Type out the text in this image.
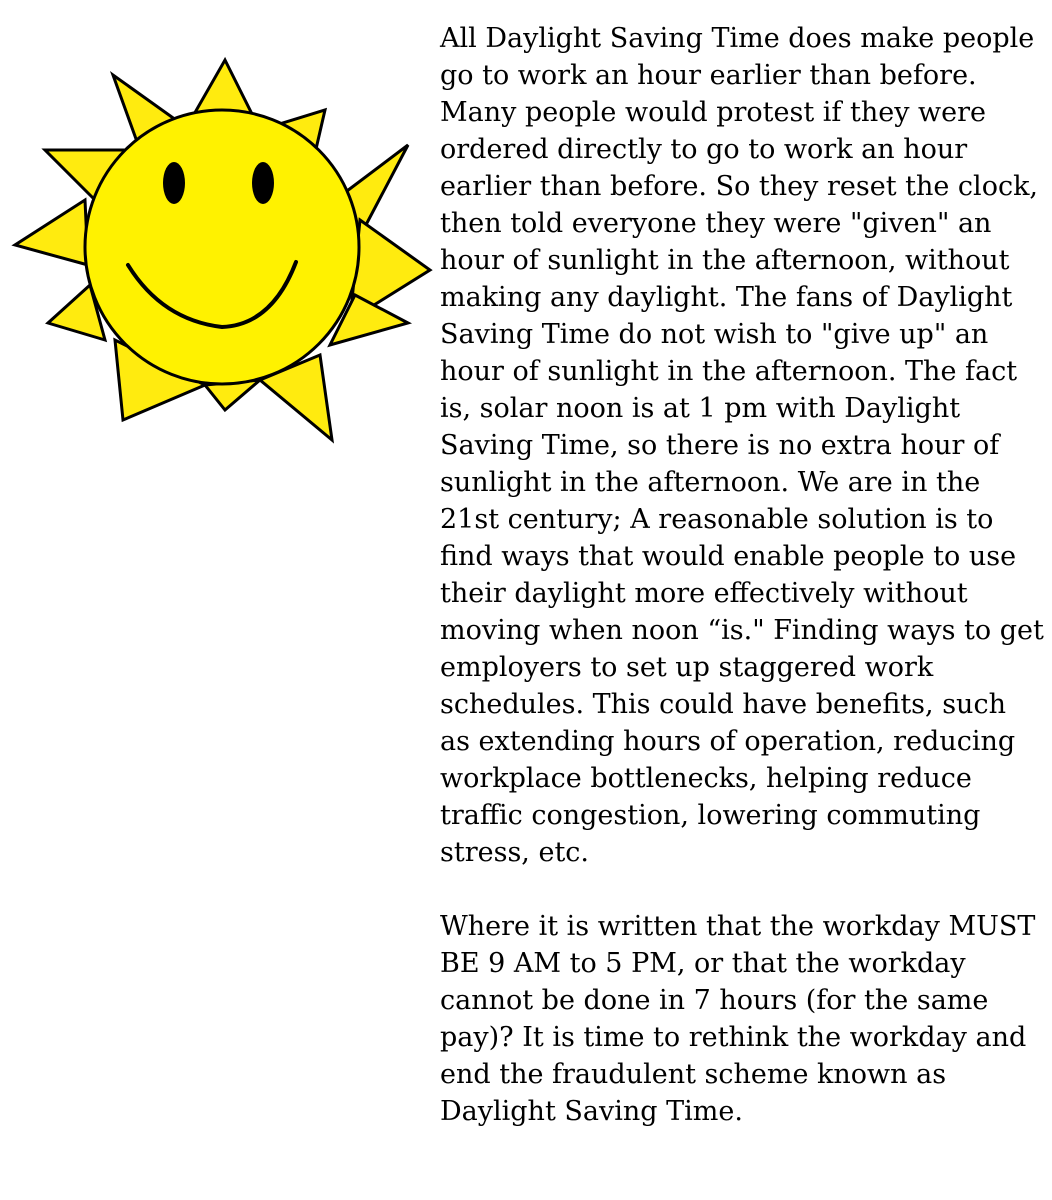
All Daylight Saving Time does make people go to work an hour earlier than before. Many people would protest if they were ordered directly to go to work an hour earlier than before. So they reset the clock, then told everyone they were "given" an hour of sunlight in the afternoon, without making any daylight. The fans of Daylight Saving Time do not wish to "give up" an hour of sunlight in the afternoon. The fact is, solar noon is at 1 pm with Daylight Saving Time, so there is no extra hour of sunlight in the afternoon. We are in the 21st century; A reasonable solution is to find ways that would enable people to use their daylight more effectively without moving when noon “is." Finding ways to get employers to set up staggered work schedules. This could have benefits, such as extending hours of operation, reducing workplace bottlenecks, helping reduce traffic congestion, lowering commuting stress, etc.

Where it is written that the workday MUST BE 9 AM to 5 PM, or that the workday cannot be done in 7 hours (for the same pay)? It is time to rethink the workday and end the fraudulent scheme known as Daylight Saving Time.
